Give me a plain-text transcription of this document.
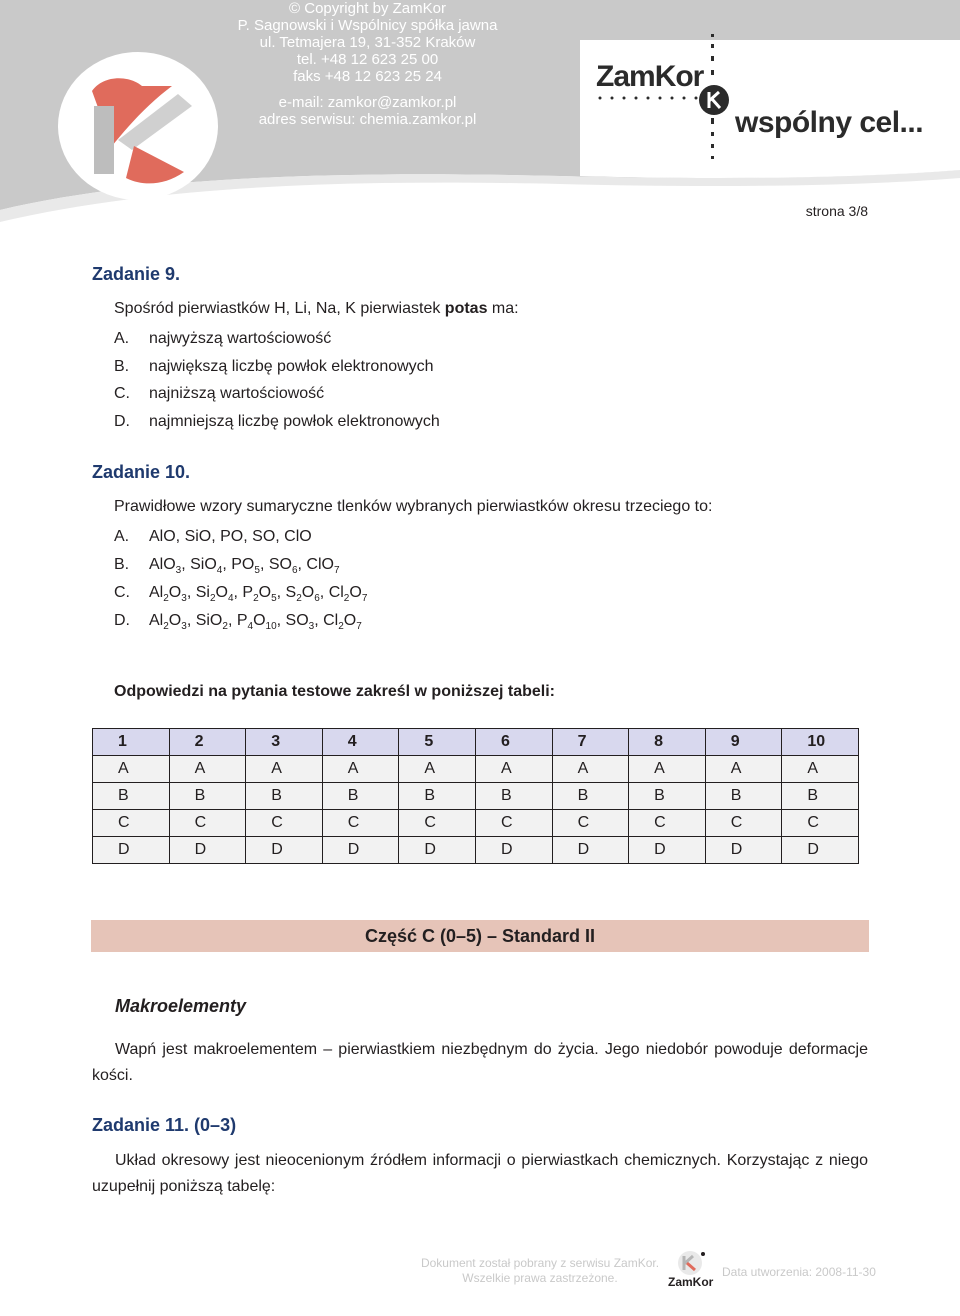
© Copyright by ZamKor
P. Sagnowski i Wspólnicy spółka jawna
ul. Tetmajera 19, 31-352 Kraków
tel. +48 12 623 25 00
faks +48 12 623 25 24
e-mail: zamkor@zamkor.pl
adres serwisu: chemia.zamkor.pl
ZamKor
wspólny cel...
strona 3/8
Zadanie 9.
Spośród pierwiastków H, Li, Na, K pierwiastek potas ma:
A. najwyższą wartościowość
B. największą liczbę powłok elektronowych
C. najniższą wartościowość
D. najmniejszą liczbę powłok elektronowych
Zadanie 10.
Prawidłowe wzory sumaryczne tlenków wybranych pierwiastków okresu trzeciego to:
A. AlO, SiO, PO, SO, ClO
B. AlO$_3$, SiO$_4$, $PO_5$, $SO_6$, ClO$_7$
C. $Al_2O_3$, $Si_2O_4$, $P_2O_5$, $S_2O_6$, $Cl_2O_7$
D. $Al_2O_3$, SiO$_2$, $P_4O_{10}$, $SO_3$, $Cl_2O_7$
Odpowiedzi na pytania testowe zakreśl w poniższej tabeli:
1	2	3	4	5	6	7	8	9	10
A	A	A	A	A	A	A	A	A	A
B	B	B	B	B	B	B	B	B	B
C	C	C	C	C	C	C	C	C	C
D	D	D	D	D	D	D	D	D	D
Część C (0–5) – Standard II
Makroelementy
Wapń jest makroelementem – pierwiastkiem niezbędnym do życia. Jego niedobór powoduje deformacje kości.
Zadanie 11. (0–3)
Układ okresowy jest nieocenionym źródłem informacji o pierwiastkach chemicznych. Korzystając z niego uzupełnij poniższą tabelę:
Dokument został pobrany z serwisu ZamKor.
Wszelkie prawa zastrzeżone.	ZamKor
Data utworzenia: 2008-11-30
